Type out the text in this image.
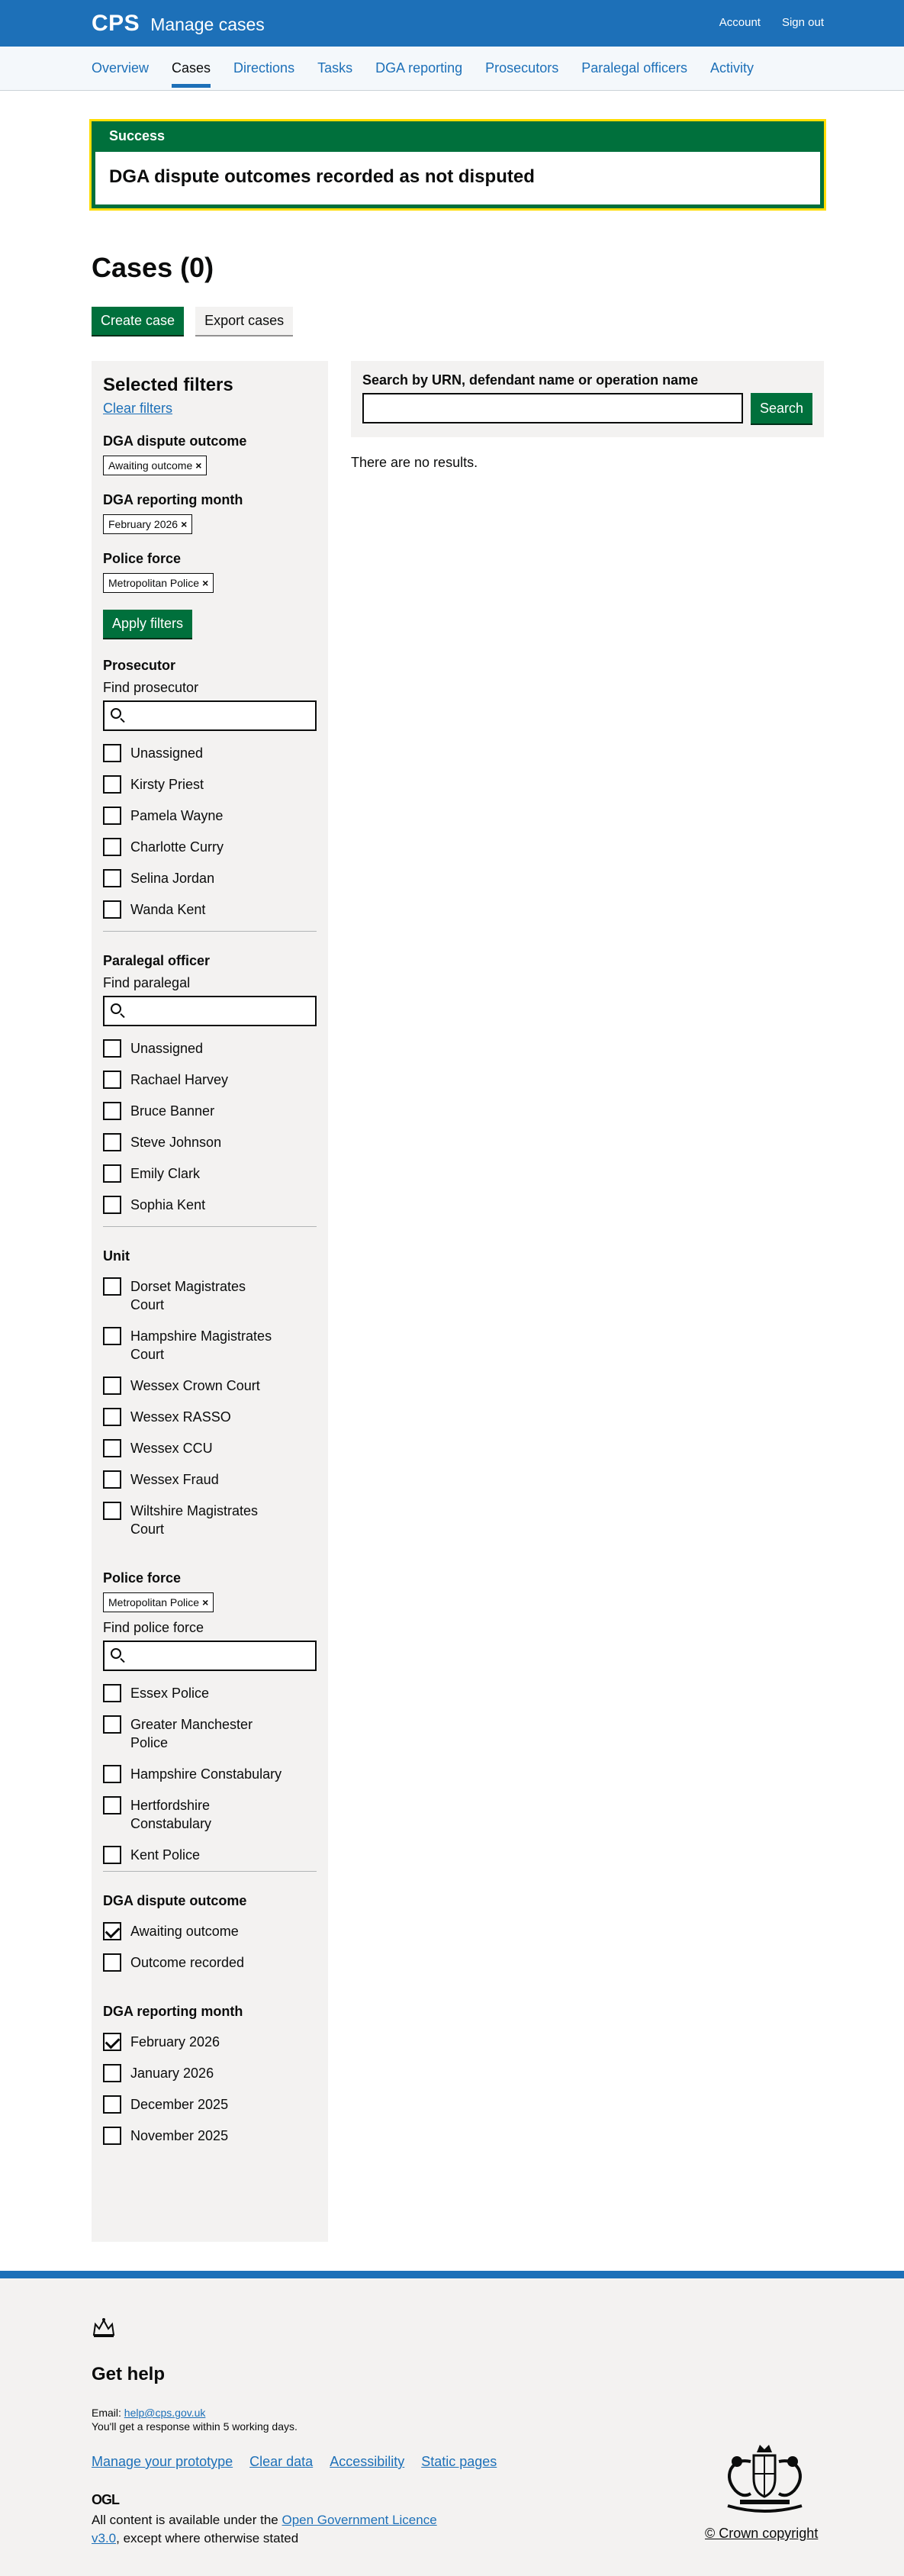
CPS Manage cases	Account Sign out
Overview Cases Directions Tasks DGA reporting Prosecutors Paralegal officers Activity
Success
DGA dispute outcomes recorded as not disputed
Cases (0)
Create case	Export cases
Selected filters
Clear filters
DGA dispute outcome
Awaiting outcome ×
DGA reporting month
February 2026 ×
Police force
Metropolitan Police ×
Apply filters
Prosecutor
Find prosecutor
Unassigned
Kirsty Priest
Pamela Wayne
Charlotte Curry
Selina Jordan
Wanda Kent
Paralegal officer
Find paralegal
Unassigned
Rachael Harvey
Bruce Banner
Steve Johnson
Emily Clark
Sophia Kent
Unit
Dorset Magistrates Court
Hampshire Magistrates Court
Wessex Crown Court
Wessex RASSO
Wessex CCU
Wessex Fraud
Wiltshire Magistrates Court
Police force
Metropolitan Police ×
Find police force
Essex Police
Greater Manchester Police
Hampshire Constabulary
Hertfordshire Constabulary
Kent Police
DGA dispute outcome
Awaiting outcome
Outcome recorded
DGA reporting month
February 2026
January 2026
December 2025
November 2025
Search by URN, defendant name or operation name
Search
There are no results.
Get help
Email: help@cps.gov.uk
You'll get a response within 5 working days.
Manage your prototype Clear data Accessibility Static pages
OGL
All content is available under the Open Government Licence v3.0, except where otherwise stated	© Crown copyright
